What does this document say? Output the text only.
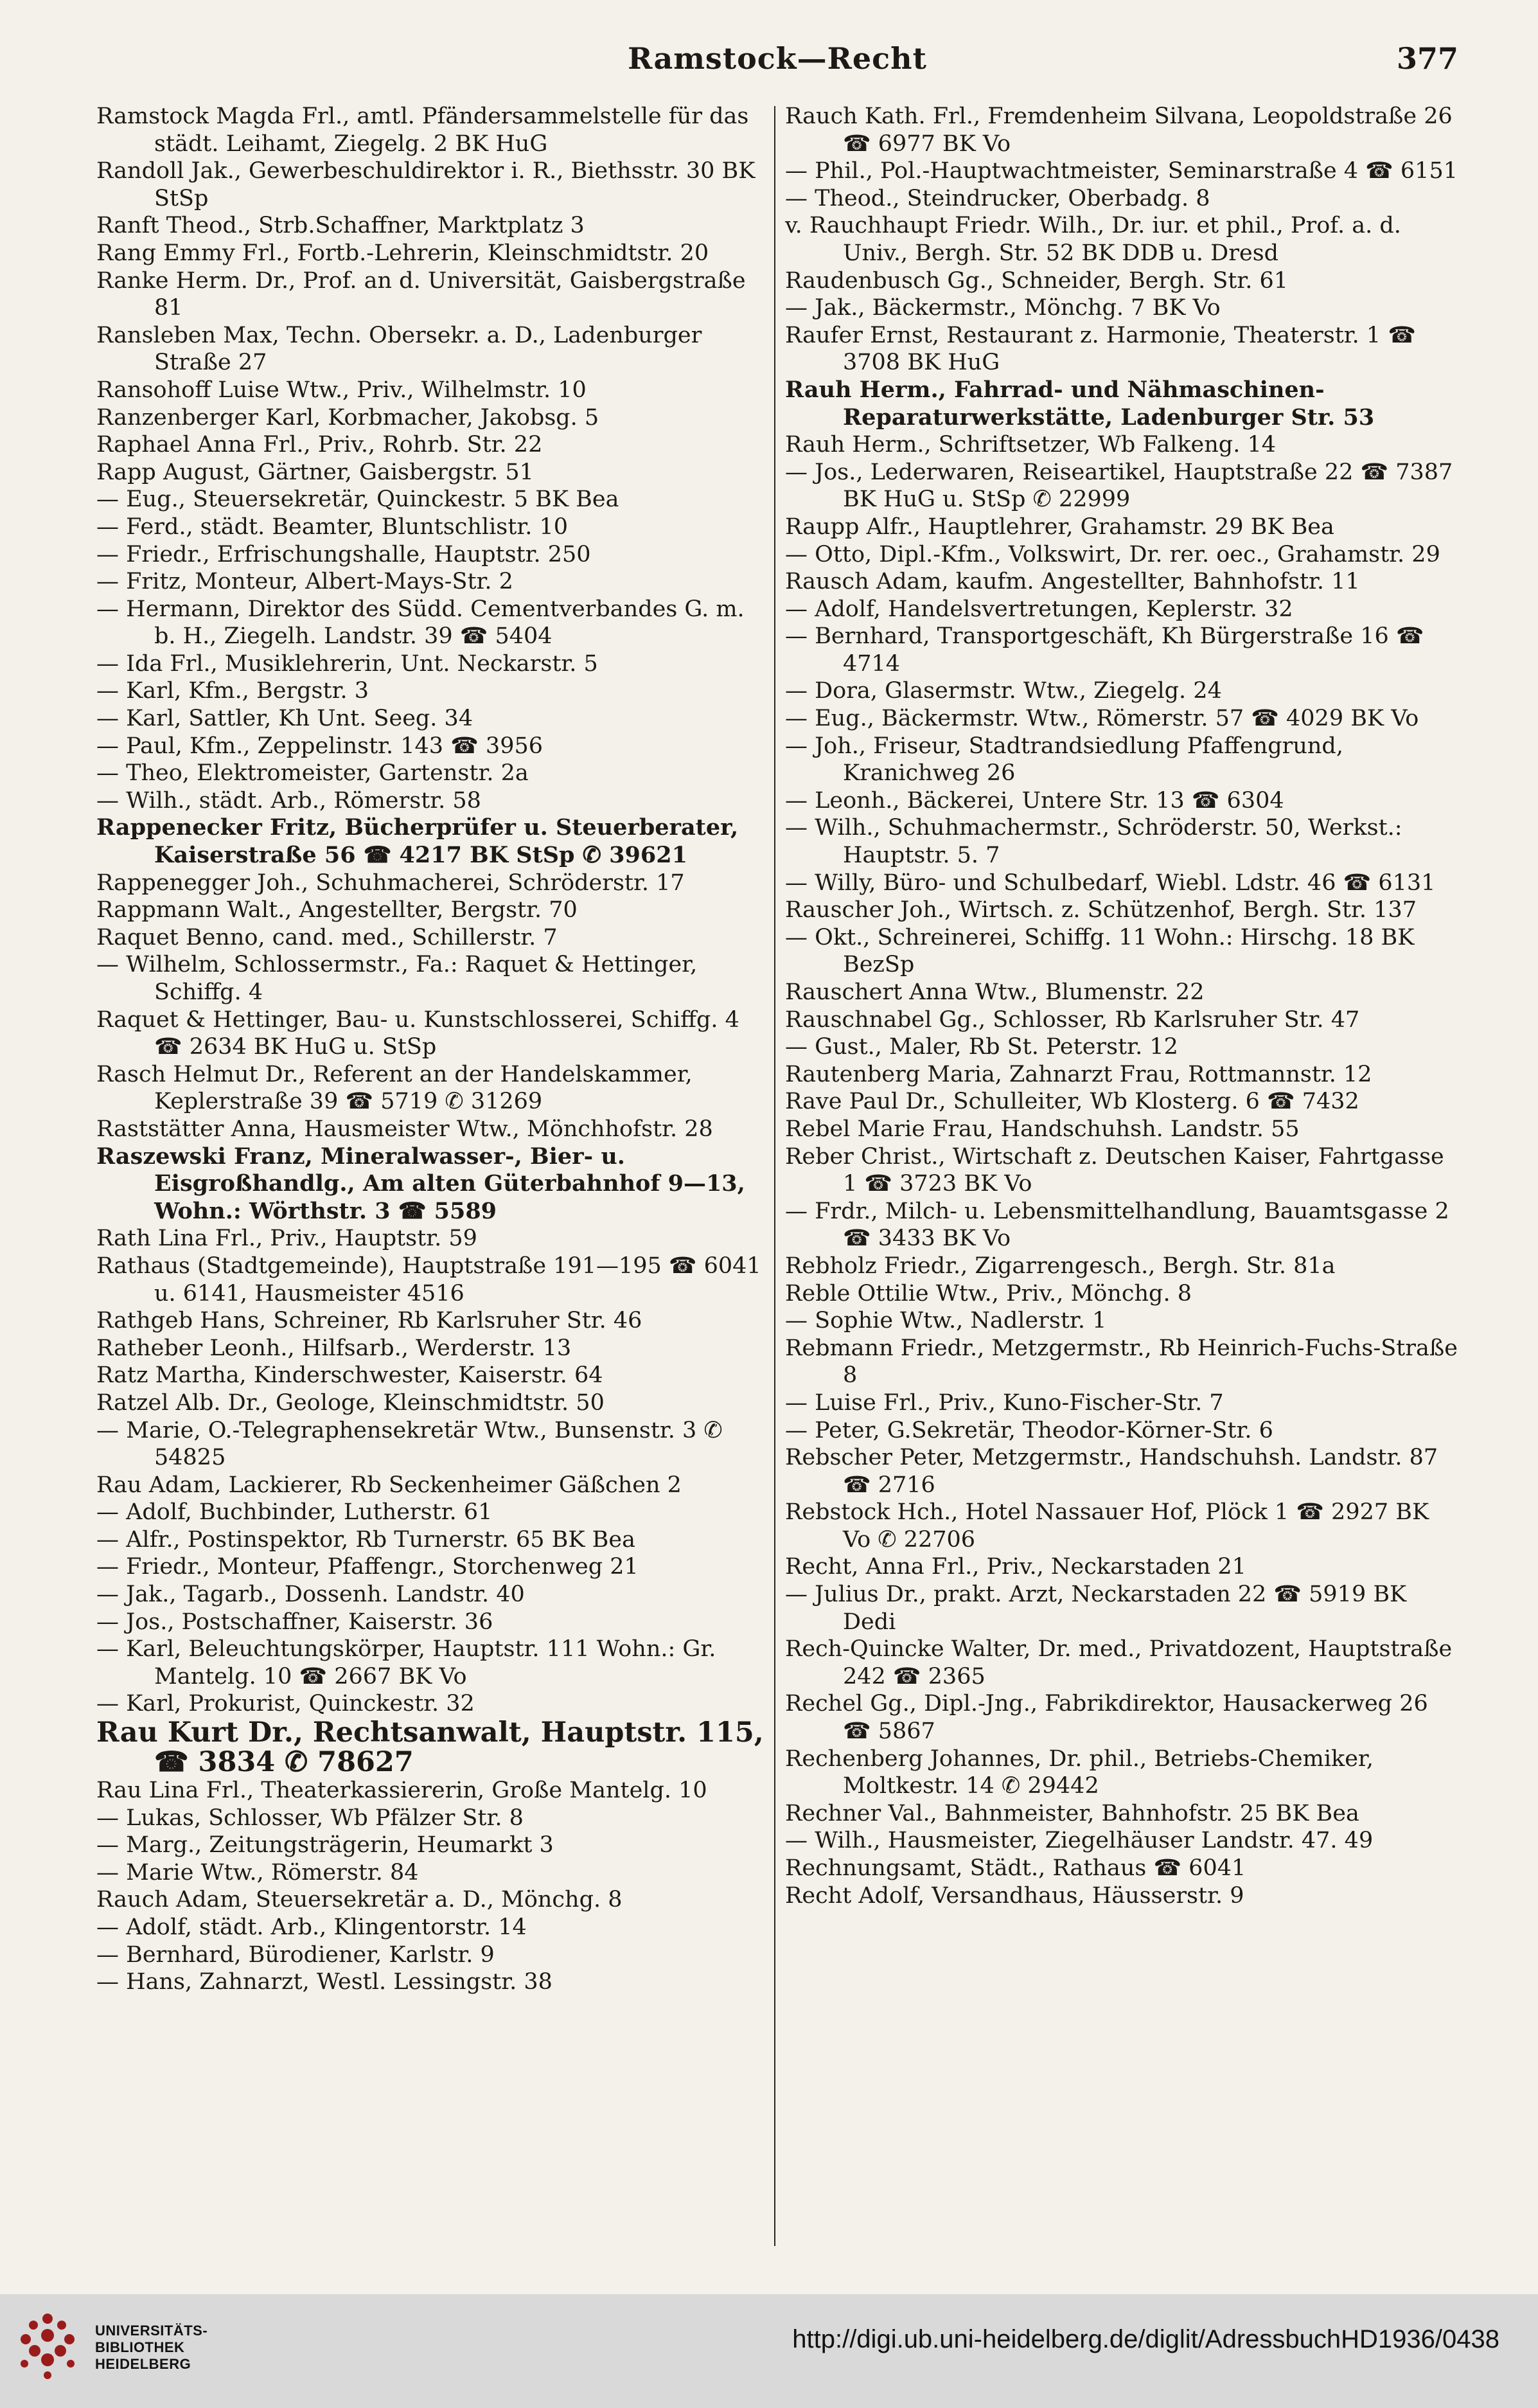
Ramstock—Recht	377

Ramstock Magda Frl., amtl. Pfändersammelstelle für das städt. Leihamt, Ziegelg. 2 BK HuG

Randoll Jak., Gewerbeschuldirektor i. R., Biethsstr. 30 BK StSp

Ranft Theod., Strb.Schaffner, Marktplatz 3

Rang Emmy Frl., Fortb.-Lehrerin, Kleinschmidtstr. 20

Ranke Herm. Dr., Prof. an d. Universität, Gaisbergstraße 81

Ransleben Max, Techn. Obersekr. a. D., Ladenburger Straße 27

Ransohoff Luise Wtw., Priv., Wilhelmstr. 10

Ranzenberger Karl, Korbmacher, Jakobsg. 5

Raphael Anna Frl., Priv., Rohrb. Str. 22

Rapp August, Gärtner, Gaisbergstr. 51

— Eug., Steuersekretär, Quinckestr. 5 BK Bea

— Ferd., städt. Beamter, Bluntschlistr. 10

— Friedr., Erfrischungshalle, Hauptstr. 250

— Fritz, Monteur, Albert-Mays-Str. 2

— Hermann, Direktor des Südd. Cementverbandes G. m. b. H., Ziegelh. Landstr. 39 ☎ 5404

— Ida Frl., Musiklehrerin, Unt. Neckarstr. 5

— Karl, Kfm., Bergstr. 3

— Karl, Sattler, Kh Unt. Seeg. 34

— Paul, Kfm., Zeppelinstr. 143 ☎ 3956

— Theo, Elektromeister, Gartenstr. 2a

— Wilh., städt. Arb., Römerstr. 58

Rappenecker Fritz, Bücherprüfer u. Steuerberater, Kaiserstraße 56 ☎ 4217 BK StSp ✆ 39621

Rappenegger Joh., Schuhmacherei, Schröderstr. 17

Rappmann Walt., Angestellter, Bergstr. 70

Raquet Benno, cand. med., Schillerstr. 7

— Wilhelm, Schlossermstr., Fa.: Raquet & Hettinger, Schiffg. 4

Raquet & Hettinger, Bau- u. Kunstschlosserei, Schiffg. 4 ☎ 2634 BK HuG u. StSp

Rasch Helmut Dr., Referent an der Handelskammer, Keplerstraße 39 ☎ 5719 ✆ 31269

Raststätter Anna, Hausmeister Wtw., Mönchhofstr. 28

Raszewski Franz, Mineralwasser-, Bier- u. Eisgroßhandlg., Am alten Güterbahnhof 9—13, Wohn.: Wörthstr. 3 ☎ 5589

Rath Lina Frl., Priv., Hauptstr. 59

Rathaus (Stadtgemeinde), Hauptstraße 191—195 ☎ 6041 u. 6141, Hausmeister 4516

Rathgeb Hans, Schreiner, Rb Karlsruher Str. 46

Ratheber Leonh., Hilfsarb., Werderstr. 13

Ratz Martha, Kinderschwester, Kaiserstr. 64

Ratzel Alb. Dr., Geologe, Kleinschmidtstr. 50

— Marie, O.-Telegraphensekretär Wtw., Bunsenstr. 3 ✆ 54825

Rau Adam, Lackierer, Rb Seckenheimer Gäßchen 2

— Adolf, Buchbinder, Lutherstr. 61

— Alfr., Postinspektor, Rb Turnerstr. 65 BK Bea

— Friedr., Monteur, Pfaffengr., Storchenweg 21

— Jak., Tagarb., Dossenh. Landstr. 40

— Jos., Postschaffner, Kaiserstr. 36

— Karl, Beleuchtungskörper, Hauptstr. 111 Wohn.: Gr. Mantelg. 10 ☎ 2667 BK Vo

— Karl, Prokurist, Quinckestr. 32

Rau Kurt Dr., Rechtsanwalt, Hauptstr. 115, ☎ 3834 ✆ 78627

Rau Lina Frl., Theaterkassiererin, Große Mantelg. 10

— Lukas, Schlosser, Wb Pfälzer Str. 8

— Marg., Zeitungsträgerin, Heumarkt 3

— Marie Wtw., Römerstr. 84

Rauch Adam, Steuersekretär a. D., Mönchg. 8

— Adolf, städt. Arb., Klingentorstr. 14

— Bernhard, Bürodiener, Karlstr. 9

— Hans, Zahnarzt, Westl. Lessingstr. 38

Rauch Kath. Frl., Fremdenheim Silvana, Leopoldstraße 26 ☎ 6977 BK Vo

— Phil., Pol.-Hauptwachtmeister, Seminarstraße 4 ☎ 6151

— Theod., Steindrucker, Oberbadg. 8

v. Rauchhaupt Friedr. Wilh., Dr. iur. et phil., Prof. a. d. Univ., Bergh. Str. 52 BK DDB u. Dresd

Raudenbusch Gg., Schneider, Bergh. Str. 61

— Jak., Bäckermstr., Mönchg. 7 BK Vo

Raufer Ernst, Restaurant z. Harmonie, Theaterstr. 1 ☎ 3708 BK HuG

Rauh Herm., Fahrrad- und Nähmaschinen-Reparaturwerkstätte, Ladenburger Str. 53

Rauh Herm., Schriftsetzer, Wb Falkeng. 14

— Jos., Lederwaren, Reiseartikel, Hauptstraße 22 ☎ 7387 BK HuG u. StSp ✆ 22999

Raupp Alfr., Hauptlehrer, Grahamstr. 29 BK Bea

— Otto, Dipl.-Kfm., Volkswirt, Dr. rer. oec., Grahamstr. 29

Rausch Adam, kaufm. Angestellter, Bahnhofstr. 11

— Adolf, Handelsvertretungen, Keplerstr. 32

— Bernhard, Transportgeschäft, Kh Bürgerstraße 16 ☎ 4714

— Dora, Glasermstr. Wtw., Ziegelg. 24

— Eug., Bäckermstr. Wtw., Römerstr. 57 ☎ 4029 BK Vo

— Joh., Friseur, Stadtrandsiedlung Pfaffengrund, Kranichweg 26

— Leonh., Bäckerei, Untere Str. 13 ☎ 6304

— Wilh., Schuhmachermstr., Schröderstr. 50, Werkst.: Hauptstr. 5. 7

— Willy, Büro- und Schulbedarf, Wiebl. Ldstr. 46 ☎ 6131

Rauscher Joh., Wirtsch. z. Schützenhof, Bergh. Str. 137

— Okt., Schreinerei, Schiffg. 11 Wohn.: Hirschg. 18 BK BezSp

Rauschert Anna Wtw., Blumenstr. 22

Rauschnabel Gg., Schlosser, Rb Karlsruher Str. 47

— Gust., Maler, Rb St. Peterstr. 12

Rautenberg Maria, Zahnarzt Frau, Rottmannstr. 12

Rave Paul Dr., Schulleiter, Wb Klosterg. 6 ☎ 7432

Rebel Marie Frau, Handschuhsh. Landstr. 55

Reber Christ., Wirtschaft z. Deutschen Kaiser, Fahrtgasse 1 ☎ 3723 BK Vo

— Frdr., Milch- u. Lebensmittelhandlung, Bauamtsgasse 2 ☎ 3433 BK Vo

Rebholz Friedr., Zigarrengesch., Bergh. Str. 81a

Reble Ottilie Wtw., Priv., Mönchg. 8

— Sophie Wtw., Nadlerstr. 1

Rebmann Friedr., Metzgermstr., Rb Heinrich-Fuchs-Straße 8

— Luise Frl., Priv., Kuno-Fischer-Str. 7

— Peter, G.Sekretär, Theodor-Körner-Str. 6

Rebscher Peter, Metzgermstr., Handschuhsh. Landstr. 87 ☎ 2716

Rebstock Hch., Hotel Nassauer Hof, Plöck 1 ☎ 2927 BK Vo ✆ 22706

Recht, Anna Frl., Priv., Neckarstaden 21

— Julius Dr., prakt. Arzt, Neckarstaden 22 ☎ 5919 BK Dedi

Rech-Quincke Walter, Dr. med., Privatdozent, Hauptstraße 242 ☎ 2365

Rechel Gg., Dipl.-Jng., Fabrikdirektor, Hausackerweg 26 ☎ 5867

Rechenberg Johannes, Dr. phil., Betriebs-Chemiker, Moltkestr. 14 ✆ 29442

Rechner Val., Bahnmeister, Bahnhofstr. 25 BK Bea

— Wilh., Hausmeister, Ziegelhäuser Landstr. 47. 49

Rechnungsamt, Städt., Rathaus ☎ 6041

Recht Adolf, Versandhaus, Häusserstr. 9

UNIVERSITÄTS-
BIBLIOTHEK
HEIDELBERG
http://digi.ub.uni-heidelberg.de/diglit/AdressbuchHD1936/0438
